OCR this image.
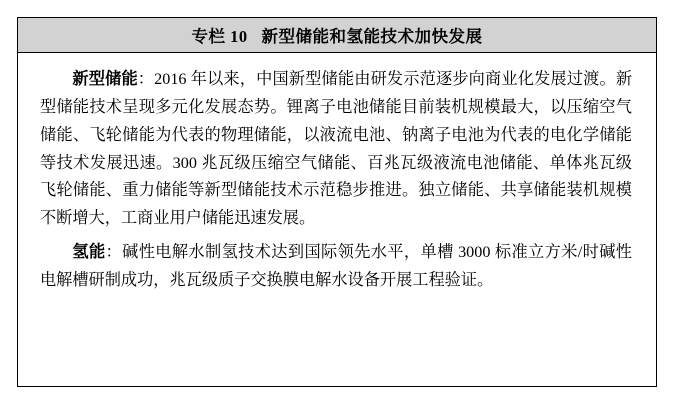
专栏 10   新型储能和氢能技术加快发展

新型储能：2016 年以来，中国新型储能由研发示范逐步向商业化发展过渡。新型储能技术呈现多元化发展态势。锂离子电池储能目前装机规模最大，以压缩空气储能、飞轮储能为代表的物理储能，以液流电池、钠离子电池为代表的电化学储能等技术发展迅速。300 兆瓦级压缩空气储能、百兆瓦级液流电池储能、单体兆瓦级飞轮储能、重力储能等新型储能技术示范稳步推进。独立储能、共享储能装机规模不断增大，工商业用户储能迅速发展。

氢能：碱性电解水制氢技术达到国际领先水平，单槽 3000 标准立方米/时碱性电解槽研制成功，兆瓦级质子交换膜电解水设备开展工程验证。
